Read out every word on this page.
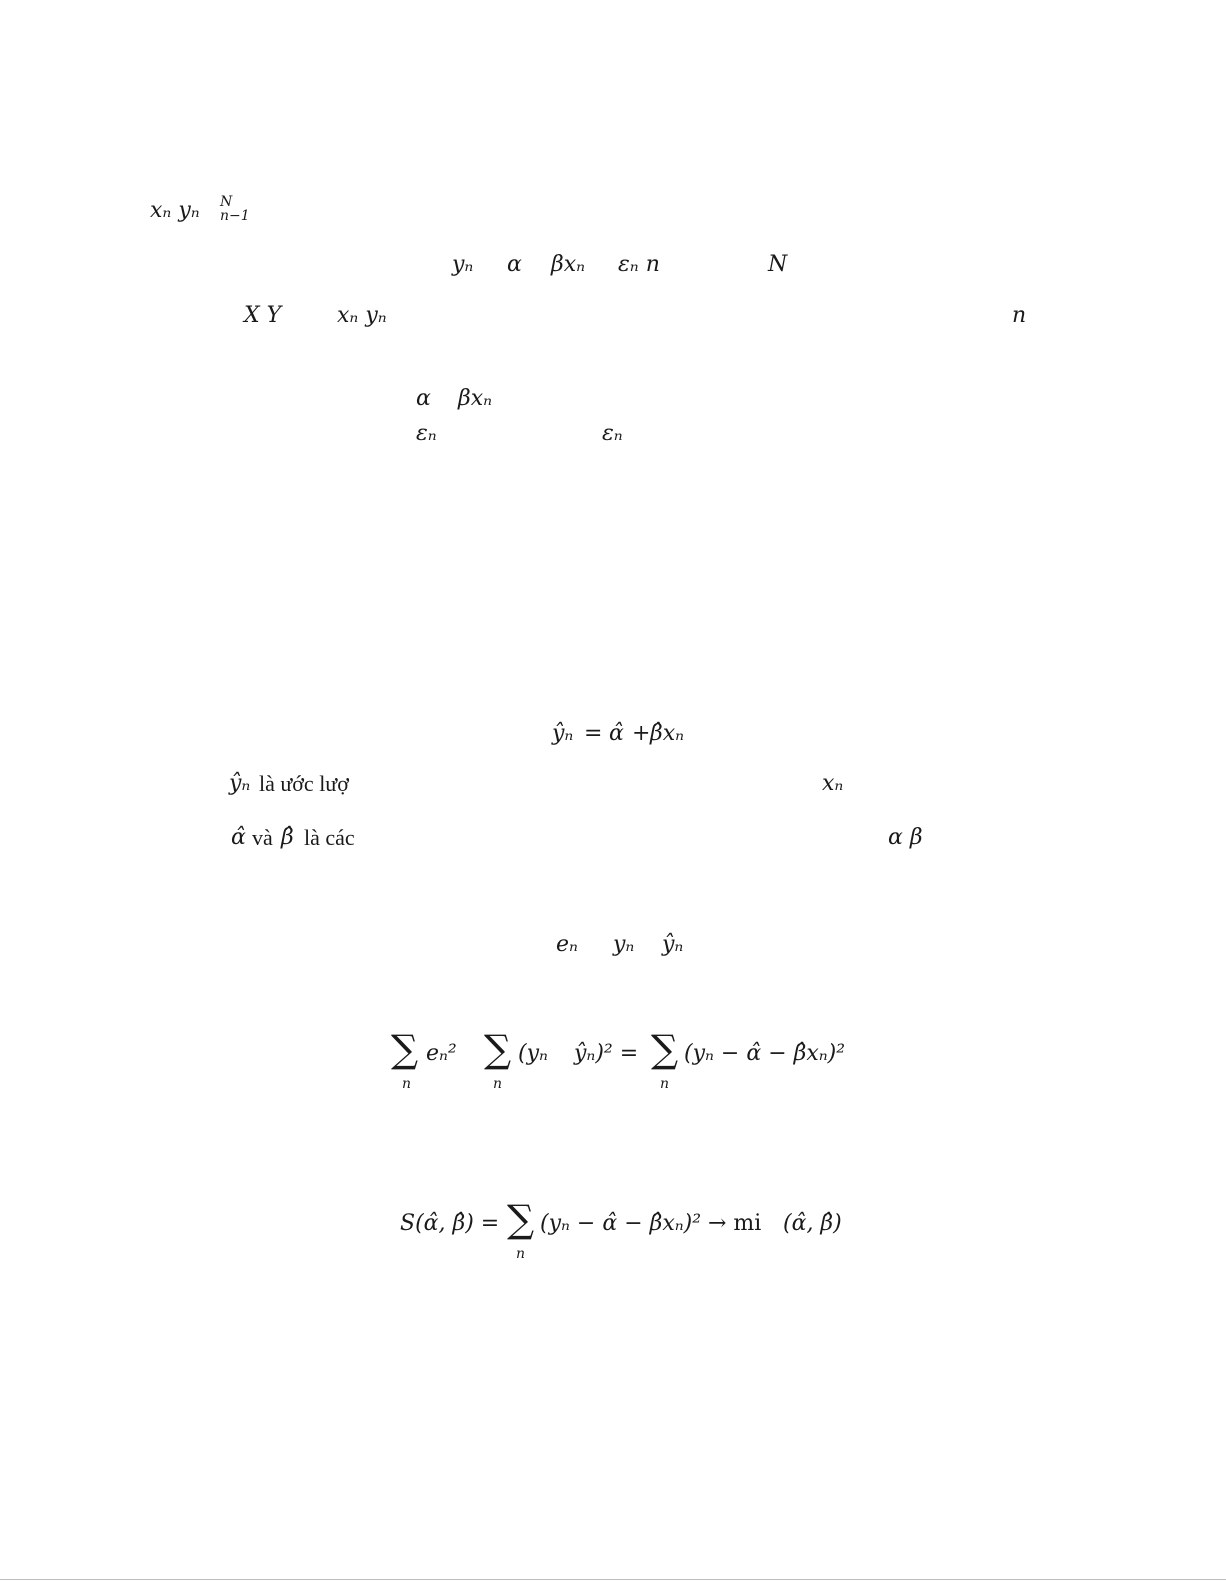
xₙ yₙ N
n−1
yₙ α βxₙ εₙ n	N
X Y	xₙ yₙ	n
α βxₙ
εₙ	εₙ
ŷₙ = α̂ + β̂xₙ
ŷₙ là ước lượ	xₙ
α̂ và β̂ là các	α β
eₙ yₙ ŷₙ
∑
n
eₙ² ∑
n
(yₙ ŷₙ)² = ∑
n
(yₙ − α̂ − β̂xₙ)²
S(α̂, β̂) = ∑
n
(yₙ − α̂ − β̂xₙ)² → mi (α̂, β̂)
